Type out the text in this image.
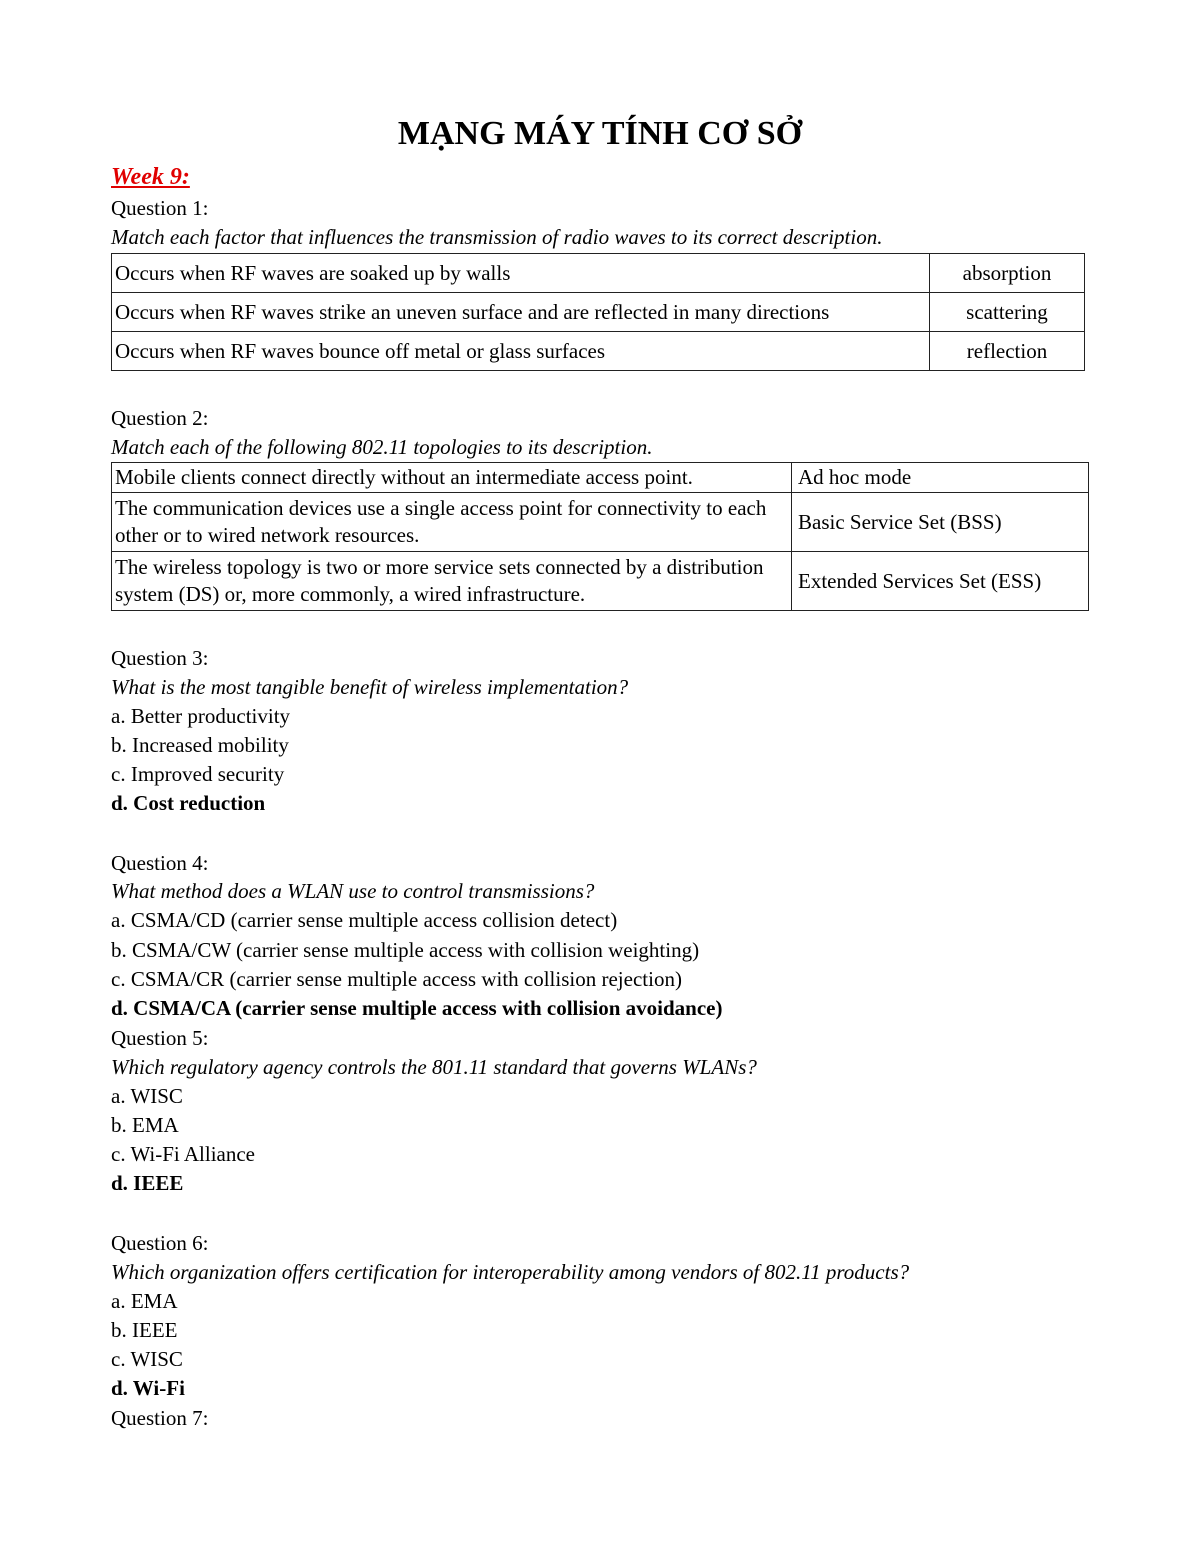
MẠNG MÁY TÍNH CƠ SỞ
Week 9:
Question 1:
Match each factor that influences the transmission of radio waves to its correct description.
Occurs when RF waves are soaked up by walls	absorption
Occurs when RF waves strike an uneven surface and are reflected in many directions	scattering
Occurs when RF waves bounce off metal or glass surfaces	reflection
Question 2:
Match each of the following 802.11 topologies to its description.
Mobile clients connect directly without an intermediate access point.	Ad hoc mode
The communication devices use a single access point for connectivity to each other or to wired network resources.	Basic Service Set (BSS)
The wireless topology is two or more service sets connected by a distribution system (DS) or, more commonly, a wired infrastructure.	Extended Services Set (ESS)
Question 3:
What is the most tangible benefit of wireless implementation?
a. Better productivity
b. Increased mobility
c. Improved security
d. Cost reduction
Question 4:
What method does a WLAN use to control transmissions?
a. CSMA/CD (carrier sense multiple access collision detect)
b. CSMA/CW (carrier sense multiple access with collision weighting)
c. CSMA/CR (carrier sense multiple access with collision rejection)
d. CSMA/CA (carrier sense multiple access with collision avoidance)
Question 5:
Which regulatory agency controls the 801.11 standard that governs WLANs?
a. WISC
b. EMA
c. Wi-Fi Alliance
d. IEEE
Question 6:
Which organization offers certification for interoperability among vendors of 802.11 products?
a. EMA
b. IEEE
c. WISC
d. Wi-Fi
Question 7:
